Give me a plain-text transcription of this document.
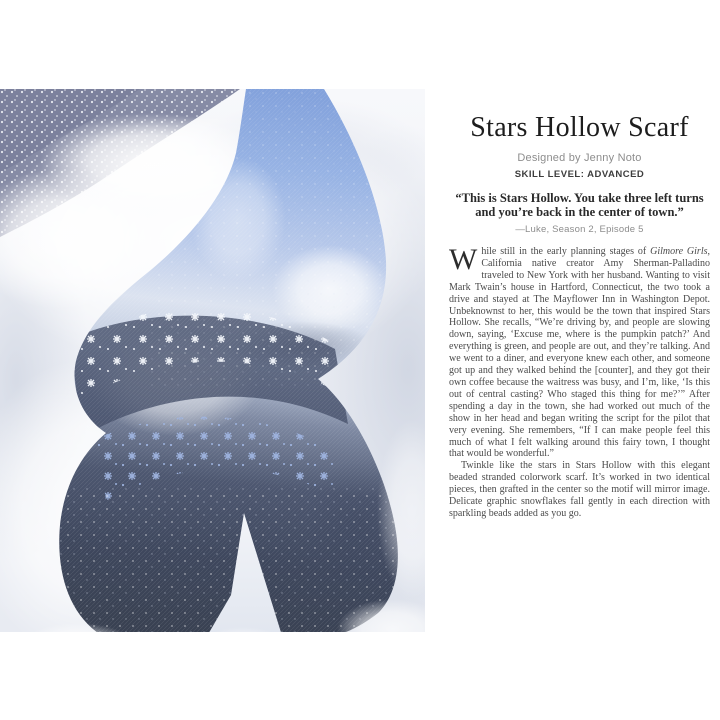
Stars Hollow Scarf
Designed by Jenny Noto
SKILL LEVEL: ADVANCED
“This is Stars Hollow. You take three left turns
and you’re back in the center of town.”
—Luke, Season 2, Episode 5

While still in the early planning stages of Gilmore Girls, California native creator Amy Sherman-Palladino traveled to New York with her husband. Wanting to visit Mark Twain’s house in Hartford, Connecticut, the two took a drive and stayed at The Mayflower Inn in Washington Depot. Unbeknownst to her, this would be the town that inspired Stars Hollow. She recalls, “We’re driving by, and people are slowing down, saying, ‘Excuse me, where is the pumpkin patch?’ And everything is green, and people are out, and they’re talking. And we went to a diner, and everyone knew each other, and someone got up and they walked behind the [counter], and they got their own coffee because the waitress was busy, and I’m, like, ‘Is this out of central casting? Who staged this thing for me?’” After spending a day in the town, she had worked out much of the show in her head and began writing the script for the pilot that very evening. She remembers, “If I can make people feel this much of what I felt walking around this fairy town, I thought that would be wonderful.”

Twinkle like the stars in Stars Hollow with this elegant beaded stranded colorwork scarf. It’s worked in two identical pieces, then grafted in the center so the motif will mirror image. Delicate graphic snowflakes fall gently in each direction with sparkling beads added as you go.
